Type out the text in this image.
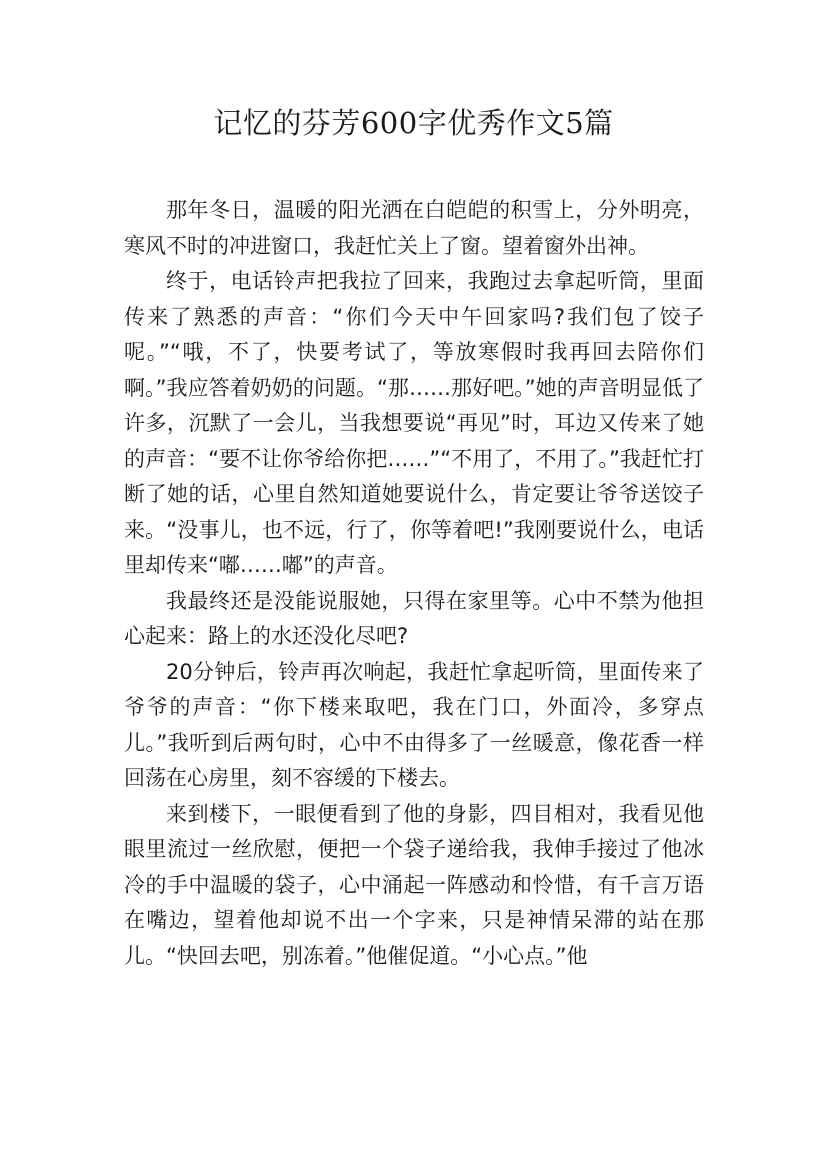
记忆的芬芳600字优秀作文5篇

那年冬日，温暖的阳光洒在白皑皑的积雪上，分外明亮，寒风不时的冲进窗口，我赶忙关上了窗。望着窗外出神。

终于，电话铃声把我拉了回来，我跑过去拿起听筒，里面传来了熟悉的声音：“你们今天中午回家吗?我们包了饺子呢。”“哦，不了，快要考试了，等放寒假时我再回去陪你们啊。”我应答着奶奶的问题。“那……那好吧。”她的声音明显低了许多，沉默了一会儿，当我想要说“再见”时，耳边又传来了她的声音：“要不让你爷给你把……”“不用了，不用了。”我赶忙打断了她的话，心里自然知道她要说什么，肯定要让爷爷送饺子来。“没事儿，也不远，行了，你等着吧!”我刚要说什么，电话里却传来“嘟……嘟”的声音。

我最终还是没能说服她，只得在家里等。心中不禁为他担心起来：路上的水还没化尽吧?

20分钟后，铃声再次响起，我赶忙拿起听筒，里面传来了爷爷的声音：“你下楼来取吧，我在门口，外面冷，多穿点儿。”我听到后两句时，心中不由得多了一丝暖意，像花香一样回荡在心房里，刻不容缓的下楼去。

来到楼下，一眼便看到了他的身影，四目相对，我看见他眼里流过一丝欣慰，便把一个袋子递给我，我伸手接过了他冰冷的手中温暖的袋子，心中涌起一阵感动和怜惜，有千言万语在嘴边，望着他却说不出一个字来，只是神情呆滞的站在那儿。“快回去吧，别冻着。”他催促道。“小心点。”他
